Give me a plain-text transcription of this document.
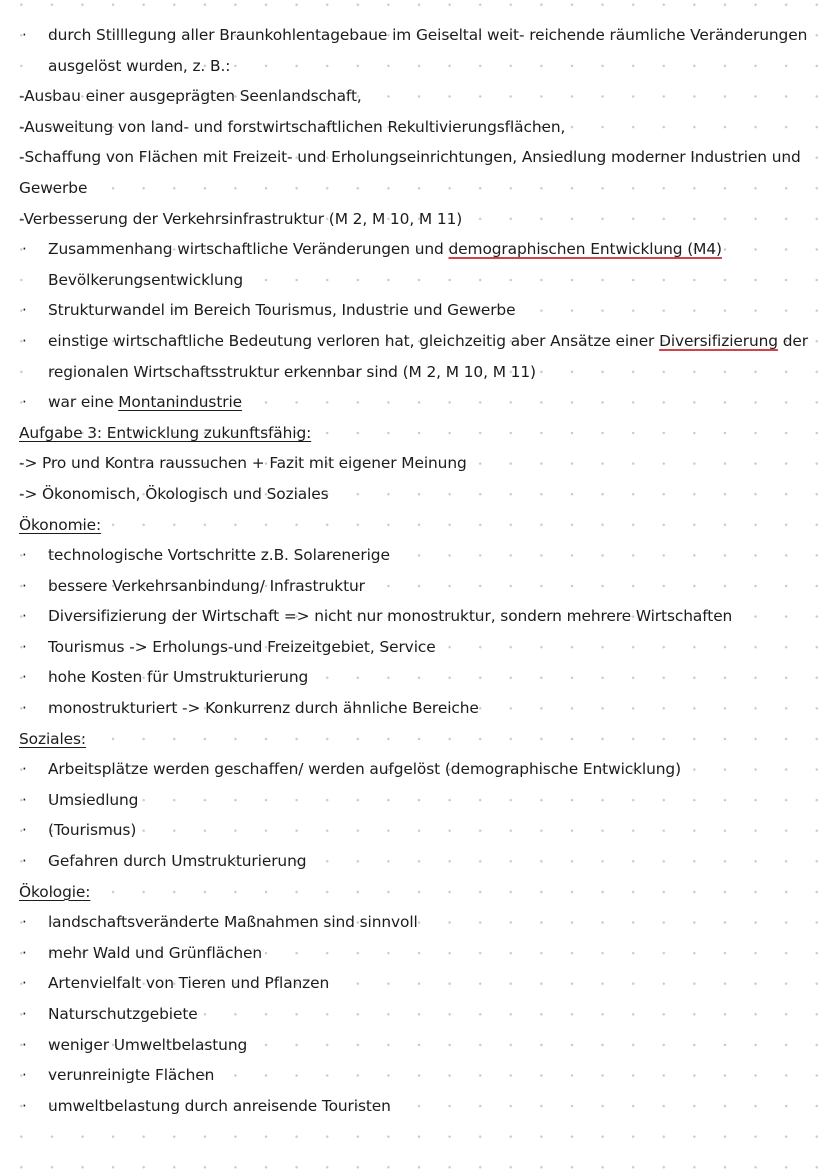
· durch Stilllegung aller Braunkohlentagebaue im Geiseltal weit- reichende räumliche Veränderungen
ausgelöst wurden, z. B.:
-Ausbau einer ausgeprägten Seenlandschaft,
-Ausweitung von land- und forstwirtschaftlichen Rekultivierungsflächen,
-Schaffung von Flächen mit Freizeit- und Erholungseinrichtungen, Ansiedlung moderner Industrien und
Gewerbe
-Verbesserung der Verkehrsinfrastruktur (M 2, M 10, M 11)
· Zusammenhang wirtschaftliche Veränderungen und demographischen Entwicklung (M4)
Bevölkerungsentwicklung
· Strukturwandel im Bereich Tourismus, Industrie und Gewerbe
· einstige wirtschaftliche Bedeutung verloren hat, gleichzeitig aber Ansätze einer Diversifizierung der
regionalen Wirtschaftsstruktur erkennbar sind (M 2, M 10, M 11)
· war eine Montanindustrie
Aufgabe 3: Entwicklung zukunftsfähig:
-> Pro und Kontra raussuchen + Fazit mit eigener Meinung
-> Ökonomisch, Ökologisch und Soziales
Ökonomie:
· technologische Vortschritte z.B. Solarenerige
· bessere Verkehrsanbindung/ Infrastruktur
· Diversifizierung der Wirtschaft => nicht nur monostruktur, sondern mehrere Wirtschaften
· Tourismus -> Erholungs-und Freizeitgebiet, Service
· hohe Kosten für Umstrukturierung
· monostrukturiert -> Konkurrenz durch ähnliche Bereiche
Soziales:
· Arbeitsplätze werden geschaffen/ werden aufgelöst (demographische Entwicklung)
· Umsiedlung
· (Tourismus)
· Gefahren durch Umstrukturierung
Ökologie:
· landschaftsveränderte Maßnahmen sind sinnvoll
· mehr Wald und Grünflächen
· Artenvielfalt von Tieren und Pflanzen
· Naturschutzgebiete
· weniger Umweltbelastung
· verunreinigte Flächen
· umweltbelastung durch anreisende Touristen
